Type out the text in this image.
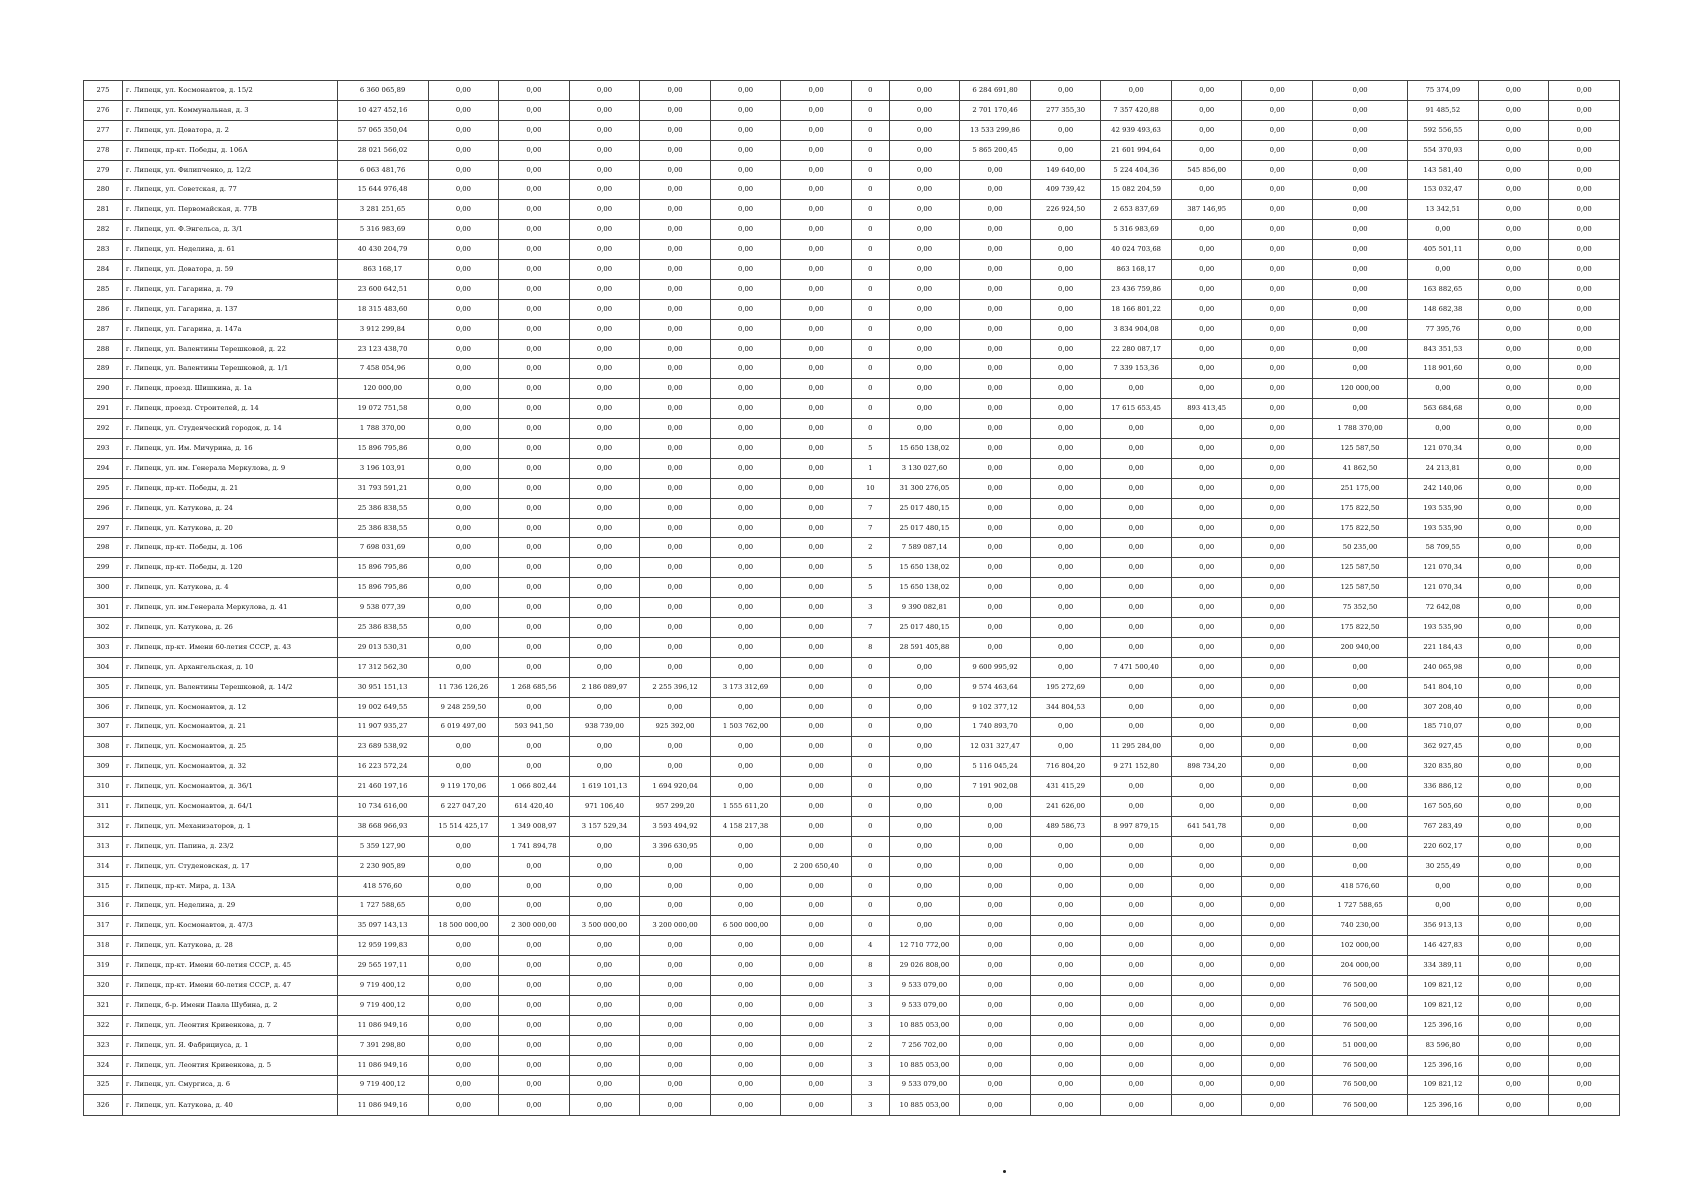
275	г. Липецк, ул. Космонавтов, д. 15/2	6 360 065,89	0,00	0,00	0,00	0,00	0,00	0,00	0	0,00	6 284 691,80	0,00	0,00	0,00	0,00	0,00	75 374,09	0,00	0,00
276	г. Липецк, ул. Коммунальная, д. 3	10 427 452,16	0,00	0,00	0,00	0,00	0,00	0,00	0	0,00	2 701 170,46	277 355,30	7 357 420,88	0,00	0,00	0,00	91 485,52	0,00	0,00
277	г. Липецк, ул. Доватора, д. 2	57 065 350,04	0,00	0,00	0,00	0,00	0,00	0,00	0	0,00	13 533 299,86	0,00	42 939 493,63	0,00	0,00	0,00	592 556,55	0,00	0,00
278	г. Липецк, пр-кт. Победы, д. 106А	28 021 566,02	0,00	0,00	0,00	0,00	0,00	0,00	0	0,00	5 865 200,45	0,00	21 601 994,64	0,00	0,00	0,00	554 370,93	0,00	0,00
279	г. Липецк, ул. Филипченко, д. 12/2	6 063 481,76	0,00	0,00	0,00	0,00	0,00	0,00	0	0,00	0,00	149 640,00	5 224 404,36	545 856,00	0,00	0,00	143 581,40	0,00	0,00
280	г. Липецк, ул. Советская, д. 77	15 644 976,48	0,00	0,00	0,00	0,00	0,00	0,00	0	0,00	0,00	409 739,42	15 082 204,59	0,00	0,00	0,00	153 032,47	0,00	0,00
281	г. Липецк, ул. Первомайская, д. 77В	3 281 251,65	0,00	0,00	0,00	0,00	0,00	0,00	0	0,00	0,00	226 924,50	2 653 837,69	387 146,95	0,00	0,00	13 342,51	0,00	0,00
282	г. Липецк, ул. Ф.Энгельса, д. 3/1	5 316 983,69	0,00	0,00	0,00	0,00	0,00	0,00	0	0,00	0,00	0,00	5 316 983,69	0,00	0,00	0,00	0,00	0,00	0,00
283	г. Липецк, ул. Неделина, д. 61	40 430 204,79	0,00	0,00	0,00	0,00	0,00	0,00	0	0,00	0,00	0,00	40 024 703,68	0,00	0,00	0,00	405 501,11	0,00	0,00
284	г. Липецк, ул. Доватора, д. 59	863 168,17	0,00	0,00	0,00	0,00	0,00	0,00	0	0,00	0,00	0,00	863 168,17	0,00	0,00	0,00	0,00	0,00	0,00
285	г. Липецк, ул. Гагарина, д. 79	23 600 642,51	0,00	0,00	0,00	0,00	0,00	0,00	0	0,00	0,00	0,00	23 436 759,86	0,00	0,00	0,00	163 882,65	0,00	0,00
286	г. Липецк, ул. Гагарина, д. 137	18 315 483,60	0,00	0,00	0,00	0,00	0,00	0,00	0	0,00	0,00	0,00	18 166 801,22	0,00	0,00	0,00	148 682,38	0,00	0,00
287	г. Липецк, ул. Гагарина, д. 147а	3 912 299,84	0,00	0,00	0,00	0,00	0,00	0,00	0	0,00	0,00	0,00	3 834 904,08	0,00	0,00	0,00	77 395,76	0,00	0,00
288	г. Липецк, ул. Валентины Терешковой, д. 22	23 123 438,70	0,00	0,00	0,00	0,00	0,00	0,00	0	0,00	0,00	0,00	22 280 087,17	0,00	0,00	0,00	843 351,53	0,00	0,00
289	г. Липецк, ул. Валентины Терешковой, д. 1/1	7 458 054,96	0,00	0,00	0,00	0,00	0,00	0,00	0	0,00	0,00	0,00	7 339 153,36	0,00	0,00	0,00	118 901,60	0,00	0,00
290	г. Липецк, проезд. Шишкина, д. 1а	120 000,00	0,00	0,00	0,00	0,00	0,00	0,00	0	0,00	0,00	0,00	0,00	0,00	0,00	120 000,00	0,00	0,00	0,00
291	г. Липецк, проезд. Строителей, д. 14	19 072 751,58	0,00	0,00	0,00	0,00	0,00	0,00	0	0,00	0,00	0,00	17 615 653,45	893 413,45	0,00	0,00	563 684,68	0,00	0,00
292	г. Липецк, ул. Студенческий городок, д. 14	1 788 370,00	0,00	0,00	0,00	0,00	0,00	0,00	0	0,00	0,00	0,00	0,00	0,00	0,00	1 788 370,00	0,00	0,00	0,00
293	г. Липецк, ул. Им. Мичурина, д. 16	15 896 795,86	0,00	0,00	0,00	0,00	0,00	0,00	5	15 650 138,02	0,00	0,00	0,00	0,00	0,00	125 587,50	121 070,34	0,00	0,00
294	г. Липецк, ул. им. Генерала Меркулова, д. 9	3 196 103,91	0,00	0,00	0,00	0,00	0,00	0,00	1	3 130 027,60	0,00	0,00	0,00	0,00	0,00	41 862,50	24 213,81	0,00	0,00
295	г. Липецк, пр-кт. Победы, д. 21	31 793 591,21	0,00	0,00	0,00	0,00	0,00	0,00	10	31 300 276,05	0,00	0,00	0,00	0,00	0,00	251 175,00	242 140,06	0,00	0,00
296	г. Липецк, ул. Катукова, д. 24	25 386 838,55	0,00	0,00	0,00	0,00	0,00	0,00	7	25 017 480,15	0,00	0,00	0,00	0,00	0,00	175 822,50	193 535,90	0,00	0,00
297	г. Липецк, ул. Катукова, д. 20	25 386 838,55	0,00	0,00	0,00	0,00	0,00	0,00	7	25 017 480,15	0,00	0,00	0,00	0,00	0,00	175 822,50	193 535,90	0,00	0,00
298	г. Липецк, пр-кт. Победы, д. 106	7 698 031,69	0,00	0,00	0,00	0,00	0,00	0,00	2	7 589 087,14	0,00	0,00	0,00	0,00	0,00	50 235,00	58 709,55	0,00	0,00
299	г. Липецк, пр-кт. Победы, д. 120	15 896 795,86	0,00	0,00	0,00	0,00	0,00	0,00	5	15 650 138,02	0,00	0,00	0,00	0,00	0,00	125 587,50	121 070,34	0,00	0,00
300	г. Липецк, ул. Катукова, д. 4	15 896 795,86	0,00	0,00	0,00	0,00	0,00	0,00	5	15 650 138,02	0,00	0,00	0,00	0,00	0,00	125 587,50	121 070,34	0,00	0,00
301	г. Липецк, ул. им.Генерала Меркулова, д. 41	9 538 077,39	0,00	0,00	0,00	0,00	0,00	0,00	3	9 390 082,81	0,00	0,00	0,00	0,00	0,00	75 352,50	72 642,08	0,00	0,00
302	г. Липецк, ул. Катукова, д. 26	25 386 838,55	0,00	0,00	0,00	0,00	0,00	0,00	7	25 017 480,15	0,00	0,00	0,00	0,00	0,00	175 822,50	193 535,90	0,00	0,00
303	г. Липецк, пр-кт. Имени 60-летия СССР, д. 43	29 013 530,31	0,00	0,00	0,00	0,00	0,00	0,00	8	28 591 405,88	0,00	0,00	0,00	0,00	0,00	200 940,00	221 184,43	0,00	0,00
304	г. Липецк, ул. Архангельская, д. 10	17 312 562,30	0,00	0,00	0,00	0,00	0,00	0,00	0	0,00	9 600 995,92	0,00	7 471 500,40	0,00	0,00	0,00	240 065,98	0,00	0,00
305	г. Липецк, ул. Валентины Терешковой, д. 14/2	30 951 151,13	11 736 126,26	1 268 685,56	2 186 089,97	2 255 396,12	3 173 312,69	0,00	0	0,00	9 574 463,64	195 272,69	0,00	0,00	0,00	0,00	541 804,10	0,00	0,00
306	г. Липецк, ул. Космонавтов, д. 12	19 002 649,55	9 248 259,50	0,00	0,00	0,00	0,00	0,00	0	0,00	9 102 377,12	344 804,53	0,00	0,00	0,00	0,00	307 208,40	0,00	0,00
307	г. Липецк, ул. Космонавтов, д. 21	11 907 935,27	6 019 497,00	593 941,50	938 739,00	925 392,00	1 503 762,00	0,00	0	0,00	1 740 893,70	0,00	0,00	0,00	0,00	0,00	185 710,07	0,00	0,00
308	г. Липецк, ул. Космонавтов, д. 25	23 689 538,92	0,00	0,00	0,00	0,00	0,00	0,00	0	0,00	12 031 327,47	0,00	11 295 284,00	0,00	0,00	0,00	362 927,45	0,00	0,00
309	г. Липецк, ул. Космонавтов, д. 32	16 223 572,24	0,00	0,00	0,00	0,00	0,00	0,00	0	0,00	5 116 045,24	716 804,20	9 271 152,80	898 734,20	0,00	0,00	320 835,80	0,00	0,00
310	г. Липецк, ул. Космонавтов, д. 36/1	21 460 197,16	9 119 170,06	1 066 802,44	1 619 101,13	1 694 920,04	0,00	0,00	0	0,00	7 191 902,08	431 415,29	0,00	0,00	0,00	0,00	336 886,12	0,00	0,00
311	г. Липецк, ул. Космонавтов, д. 64/1	10 734 616,00	6 227 047,20	614 420,40	971 106,40	957 299,20	1 555 611,20	0,00	0	0,00	0,00	241 626,00	0,00	0,00	0,00	0,00	167 505,60	0,00	0,00
312	г. Липецк, ул. Механизаторов, д. 1	38 668 966,93	15 514 425,17	1 349 008,97	3 157 529,34	3 593 494,92	4 158 217,38	0,00	0	0,00	0,00	489 586,73	8 997 879,15	641 541,78	0,00	0,00	767 283,49	0,00	0,00
313	г. Липецк, ул. Папина, д. 23/2	5 359 127,90	0,00	1 741 894,78	0,00	3 396 630,95	0,00	0,00	0	0,00	0,00	0,00	0,00	0,00	0,00	0,00	220 602,17	0,00	0,00
314	г. Липецк, ул. Студеновская, д. 17	2 230 905,89	0,00	0,00	0,00	0,00	0,00	2 200 650,40	0	0,00	0,00	0,00	0,00	0,00	0,00	0,00	30 255,49	0,00	0,00
315	г. Липецк, пр-кт. Мира, д. 13А	418 576,60	0,00	0,00	0,00	0,00	0,00	0,00	0	0,00	0,00	0,00	0,00	0,00	0,00	418 576,60	0,00	0,00	0,00
316	г. Липецк, ул. Неделина, д. 29	1 727 588,65	0,00	0,00	0,00	0,00	0,00	0,00	0	0,00	0,00	0,00	0,00	0,00	0,00	1 727 588,65	0,00	0,00	0,00
317	г. Липецк, ул. Космонавтов, д. 47/3	35 097 143,13	18 500 000,00	2 300 000,00	3 500 000,00	3 200 000,00	6 500 000,00	0,00	0	0,00	0,00	0,00	0,00	0,00	0,00	740 230,00	356 913,13	0,00	0,00
318	г. Липецк, ул. Катукова, д. 28	12 959 199,83	0,00	0,00	0,00	0,00	0,00	0,00	4	12 710 772,00	0,00	0,00	0,00	0,00	0,00	102 000,00	146 427,83	0,00	0,00
319	г. Липецк, пр-кт. Имени 60-летия СССР, д. 45	29 565 197,11	0,00	0,00	0,00	0,00	0,00	0,00	8	29 026 808,00	0,00	0,00	0,00	0,00	0,00	204 000,00	334 389,11	0,00	0,00
320	г. Липецк, пр-кт. Имени 60-летия СССР, д. 47	9 719 400,12	0,00	0,00	0,00	0,00	0,00	0,00	3	9 533 079,00	0,00	0,00	0,00	0,00	0,00	76 500,00	109 821,12	0,00	0,00
321	г. Липецк, б-р. Имени Павла Шубина, д. 2	9 719 400,12	0,00	0,00	0,00	0,00	0,00	0,00	3	9 533 079,00	0,00	0,00	0,00	0,00	0,00	76 500,00	109 821,12	0,00	0,00
322	г. Липецк, ул. Леонтия Кривенкова, д. 7	11 086 949,16	0,00	0,00	0,00	0,00	0,00	0,00	3	10 885 053,00	0,00	0,00	0,00	0,00	0,00	76 500,00	125 396,16	0,00	0,00
323	г. Липецк, ул. Я. Фабрициуса, д. 1	7 391 298,80	0,00	0,00	0,00	0,00	0,00	0,00	2	7 256 702,00	0,00	0,00	0,00	0,00	0,00	51 000,00	83 596,80	0,00	0,00
324	г. Липецк, ул. Леонтия Кривенкова, д. 5	11 086 949,16	0,00	0,00	0,00	0,00	0,00	0,00	3	10 885 053,00	0,00	0,00	0,00	0,00	0,00	76 500,00	125 396,16	0,00	0,00
325	г. Липецк, ул. Смургиса, д. 6	9 719 400,12	0,00	0,00	0,00	0,00	0,00	0,00	3	9 533 079,00	0,00	0,00	0,00	0,00	0,00	76 500,00	109 821,12	0,00	0,00
326	г. Липецк, ул. Катукова, д. 40	11 086 949,16	0,00	0,00	0,00	0,00	0,00	0,00	3	10 885 053,00	0,00	0,00	0,00	0,00	0,00	76 500,00	125 396,16	0,00	0,00
